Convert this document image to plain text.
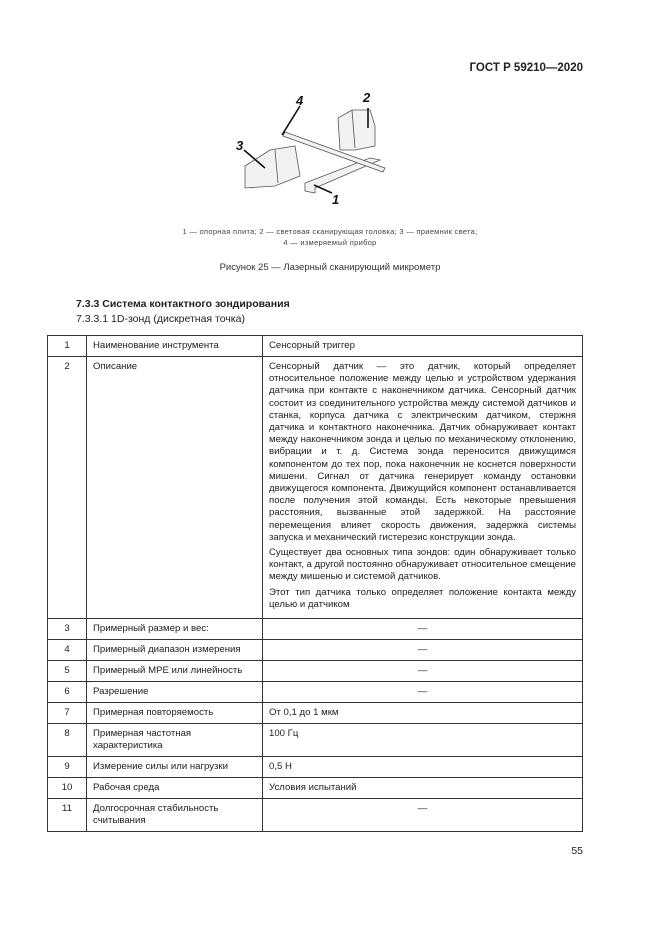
ГОСТ Р 59210—2020
4	2
3
1
1 — опорная плита; 2 — световая сканирующая головка; 3 — приемник света;
4 — измеряемый прибор
Рисунок 25 — Лазерный сканирующий микрометр
7.3.3 Система контактного зондирования
7.3.3.1 1D-зонд (дискретная точка)
1	Наименование инструмента	Сенсорный триггер
2	Описание	Сенсорный датчик — это датчик, который определяет относительное положение между целью и устройством удержания датчика при контакте с наконечником датчика. Сенсорный датчик состоит из соединительного устройства между системой датчиков и станка, корпуса датчика с электрическим датчиком, стержня датчика и контактного наконечника. Датчик обнаруживает контакт между наконечником зонда и целью по механическому отклонению, вибрации и т. д. Система зонда переносится движущимся компонентом до тех пор, пока наконечник не коснется поверхности мишени. Сигнал от датчика генерирует команду остановки движущегося компонента. Движущийся компонент останавливается после получения этой команды. Есть некоторые превышения расстояния, вызванные этой задержкой. На расстояние перемещения влияет скорость движения, задержка системы запуска и механический гистерезис конструкции зонда.

Существует два основных типа зондов: один обнаруживает только контакт, а другой постоянно обнаруживает относительное смещение между мишенью и системой датчиков.

Этот тип датчика только определяет положение контакта между целью и датчиком

3	Примерный размер и вес:	—
4	Примерный диапазон измерения	—
5	Примерный MPE или линейность	—
6	Разрешение	—
7	Примерная повторяемость	От 0,1 до 1 мкм
8	Примерная частотная характеристика	100 Гц
9	Измерение силы или нагрузки	0,5 Н
10	Рабочая среда	Условия испытаний
11	Долгосрочная стабильность считывания	—
55
